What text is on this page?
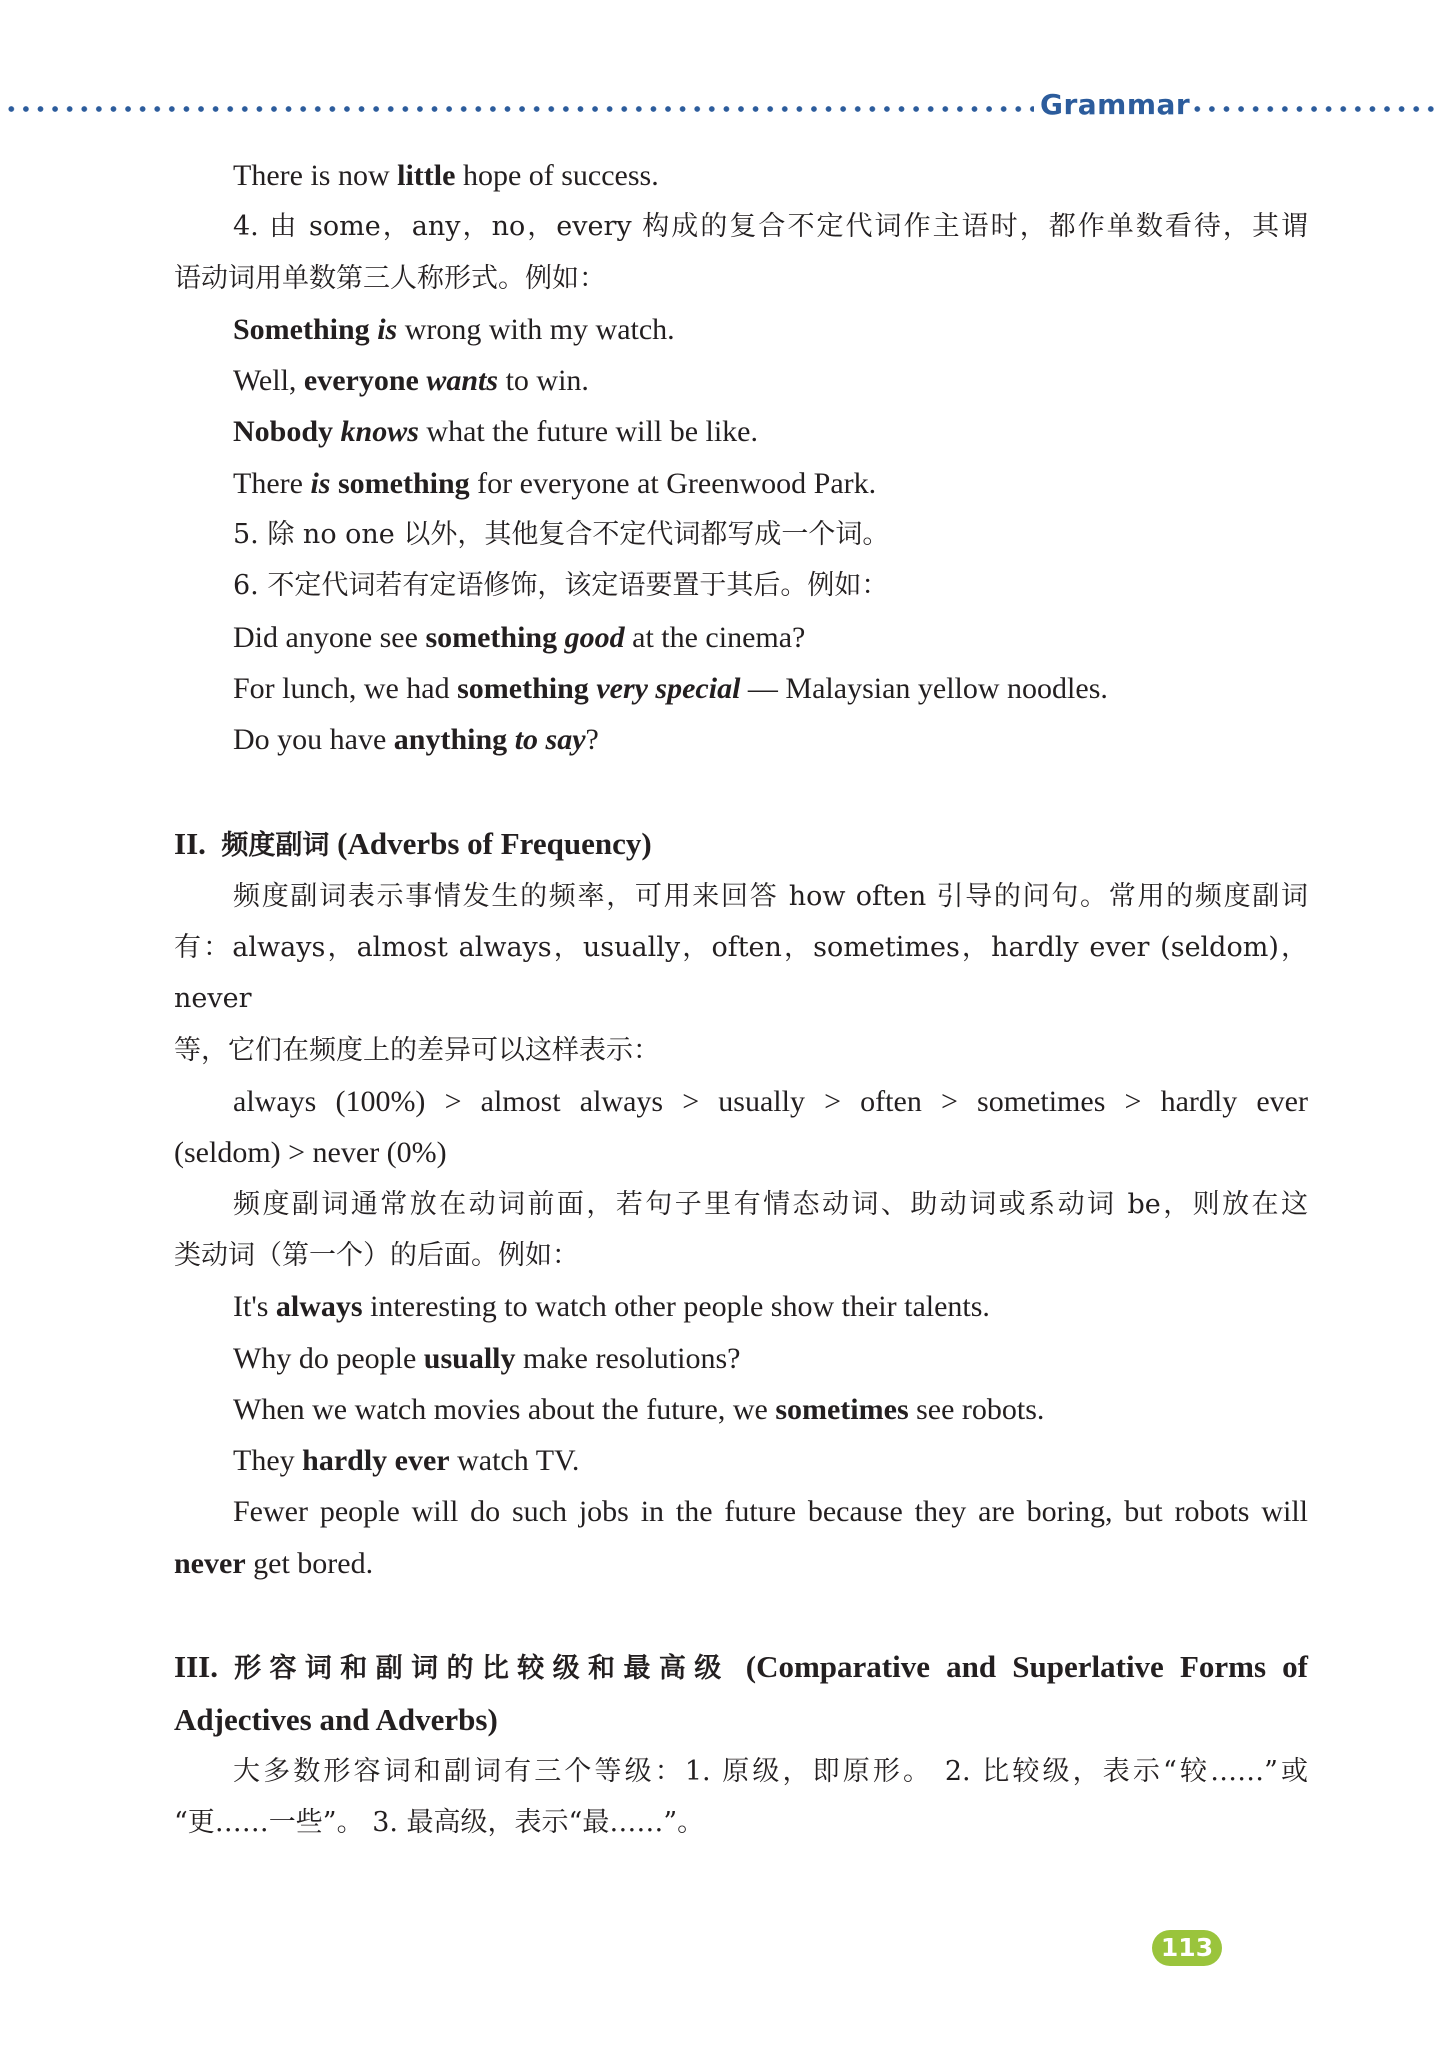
Grammar

There is now little hope of success.

4. 由 some，any，no，every 构成的复合不定代词作主语时，都作单数看待，其谓

语动词用单数第三人称形式。例如：

Something is wrong with my watch.

Well, everyone wants to win.

Nobody knows what the future will be like.

There is something for everyone at Greenwood Park.

5. 除 no one 以外，其他复合不定代词都写成一个词。

6. 不定代词若有定语修饰，该定语要置于其后。例如：

Did anyone see something good at the cinema?

For lunch, we had something very special — Malaysian yellow noodles.

Do you have anything to say?

II. 频度副词 (Adverbs of Frequency)

频度副词表示事情发生的频率，可用来回答 how often 引导的问句。常用的频度副词

有：always，almost always，usually，often，sometimes，hardly ever (seldom)，never

等，它们在频度上的差异可以这样表示：

always (100%) > almost always > usually > often > sometimes > hardly ever

(seldom) > never (0%)

频度副词通常放在动词前面，若句子里有情态动词、助动词或系动词 be，则放在这

类动词（第一个）的后面。例如：

It's always interesting to watch other people show their talents.

Why do people usually make resolutions?

When we watch movies about the future, we sometimes see robots.

They hardly ever watch TV.

Fewer people will do such jobs in the future because they are boring, but robots will

never get bored.

III. 形容词和副词的比较级和最高级 (Comparative and Superlative Forms of

Adjectives and Adverbs)

大多数形容词和副词有三个等级：1. 原级，即原形。 2. 比较级，表示“较……”或

“更……一些”。 3. 最高级，表示“最……”。

113
